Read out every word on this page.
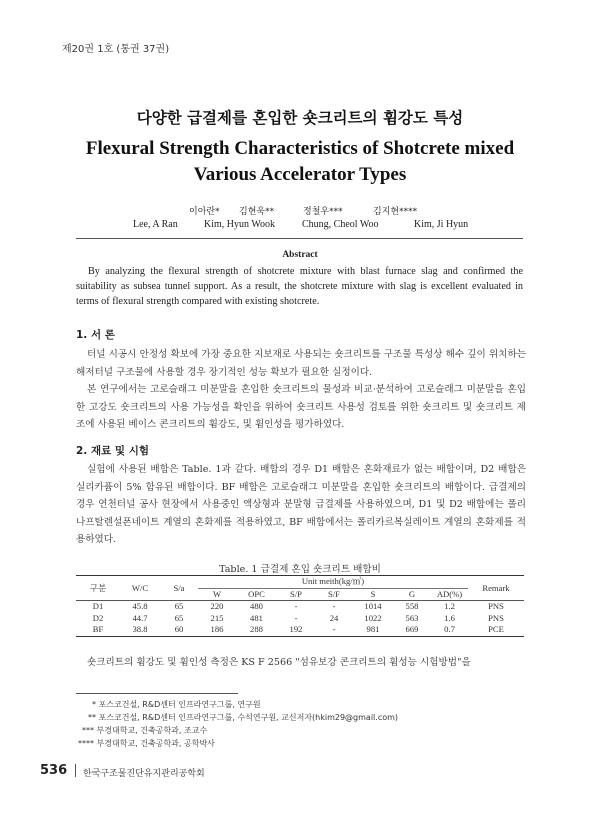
제20권 1호 (통권 37권)
다양한 급결제를 혼입한 숏크리트의 휨강도 특성
Flexural Strength Characteristics of Shotcrete mixed Various Accelerator Types
이아란* 김현욱**	정철우***	김지현****
Lee, A Ran	Kim, Hyun Wook	Chung, Cheol Woo	Kim, Ji Hyun
Abstract
By analyzing the flexural strength of shotcrete mixture with blast furnace slag and confirmed the suitability as subsea tunnel support. As a result, the shotcrete mixture with slag is excellent evaluated in terms of flexural strength compared with existing shotcrete.
1. 서 론
터널 시공시 안정성 확보에 가장 중요한 지보재로 사용되는 숏크리트를 구조물 특성상 해수 깊이 위치하는 해저터널 구조물에 사용할 경우 장기적인 성능 확보가 필요한 실정이다.
본 연구에서는 고로슬래그 미분말을 혼입한 숏크리트의 물성과 비교·분석하여 고로슬래그 미분말을 혼입한 고강도 숏크리트의 사용 가능성을 확인을 위하여 숏크리트 사용성 검토를 위한 숏크리트 및 숏크리트 제조에 사용된 베이스 콘크리트의 휨강도, 및 휨인성을 평가하였다.
2. 재료 및 시험
실험에 사용된 배합은 Table. 1과 같다. 배합의 경우 D1 배합은 혼화재료가 없는 배합이며, D2 배합은 실리카퓸이 5% 함유된 배합이다. BF 배합은 고로슬래그 미분말을 혼입한 숏크리트의 배합이다. 급결제의 경우 연천터널 공사 현장에서 사용중인 액상형과 분말형 급결제를 사용하였으며, D1 및 D2 배합에는 폴리나프탈렌설폰네이트 계열의 혼화제를 적용하였고, BF 배합에서는 폴리카르복실레이트 계열의 혼화제를 적용하였다.
Table. 1 급결제 혼입 숏크리트 배합비
구분	W/C	S/a	Unit meith(kg/㎥)							Remark
			W	OPC	S/P	S/F	S	G	AD(%)	
D1	45.8	65	220	480	-	-	1014	558	1.2	PNS
D2	44.7	65	215	481	-	24	1022	563	1.6	PNS
BF	38.8	60	186	288	192	-	981	669	0.7	PCE
숏크리트의 휨강도 및 휨인성 측정은 KS F 2566 "섬유보강 콘크리트의 휨성능 시험방법"을
* 포스코건설, R&D센터 인프라연구그룹, 연구원
** 포스코건설, R&D센터 인프라연구그룹, 수석연구원, 교신저자(hkim29@gmail.com)
*** 부경대학교, 건축공학과, 조교수
**** 부경대학교, 건축공학과, 공학박사
536 한국구조물진단유지관리공학회
